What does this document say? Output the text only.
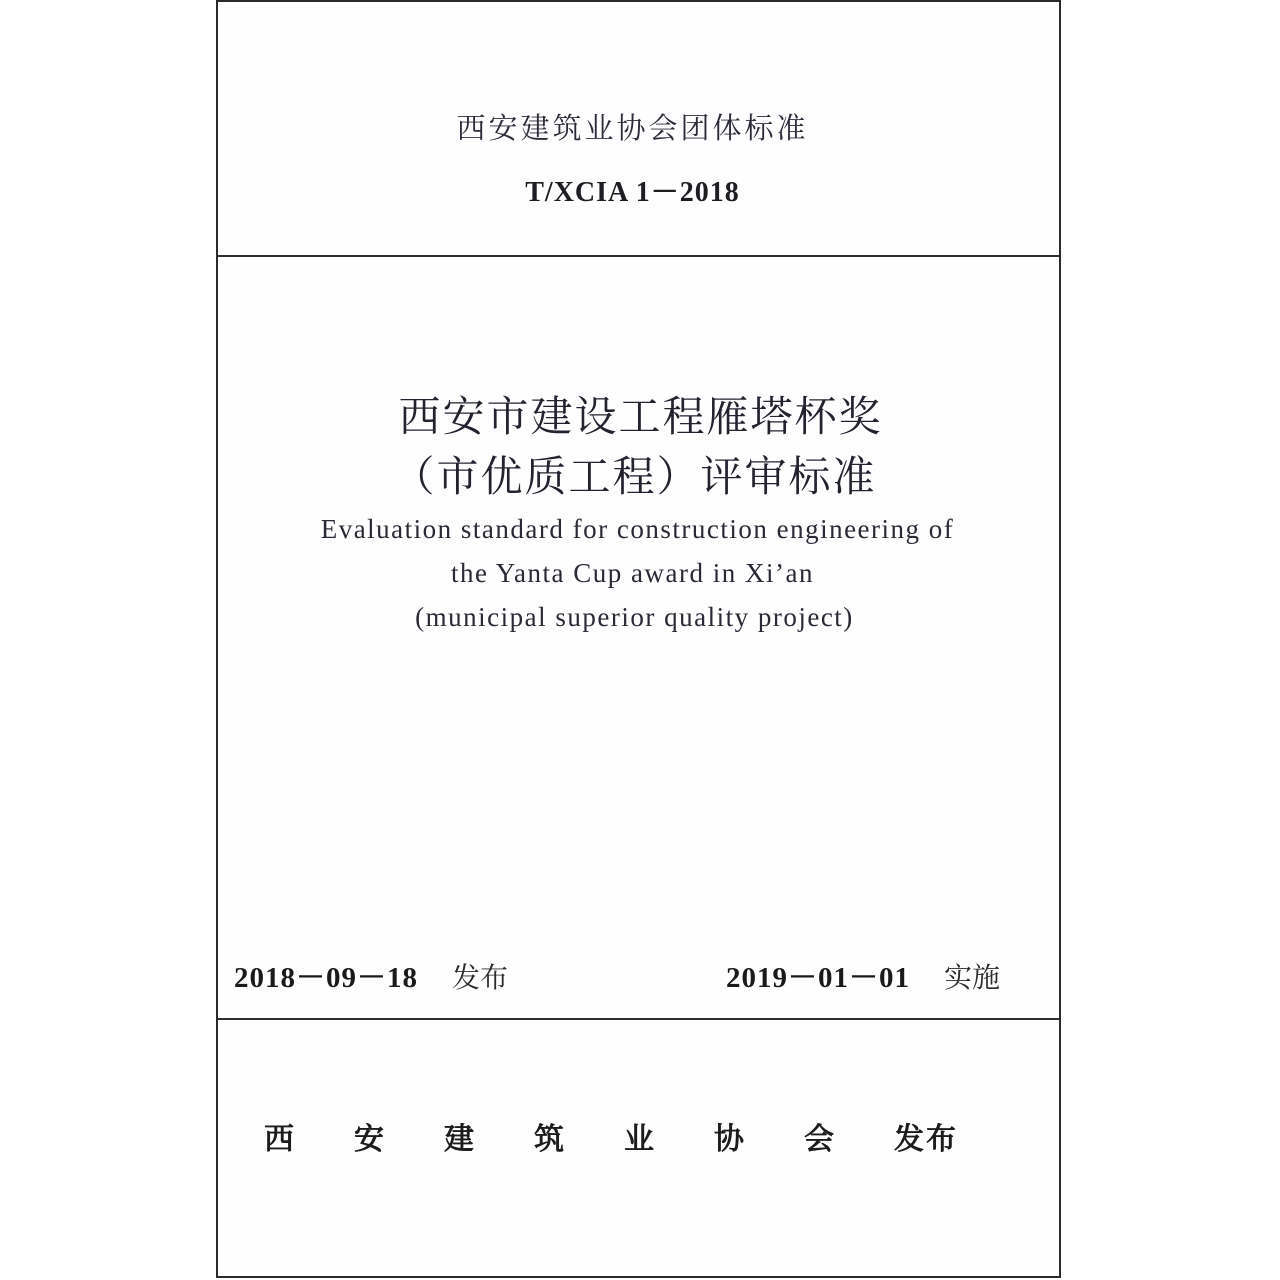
西安建筑业协会团体标准
T/XCIA 1－2018
西安市建设工程雁塔杯奖
（市优质工程）评审标准
Evaluation standard for construction engineering of
the Yanta Cup award in Xi’an
(municipal superior quality project)
2018－09－18 发布	2019－01－01 实施
西安建筑业协会发布
